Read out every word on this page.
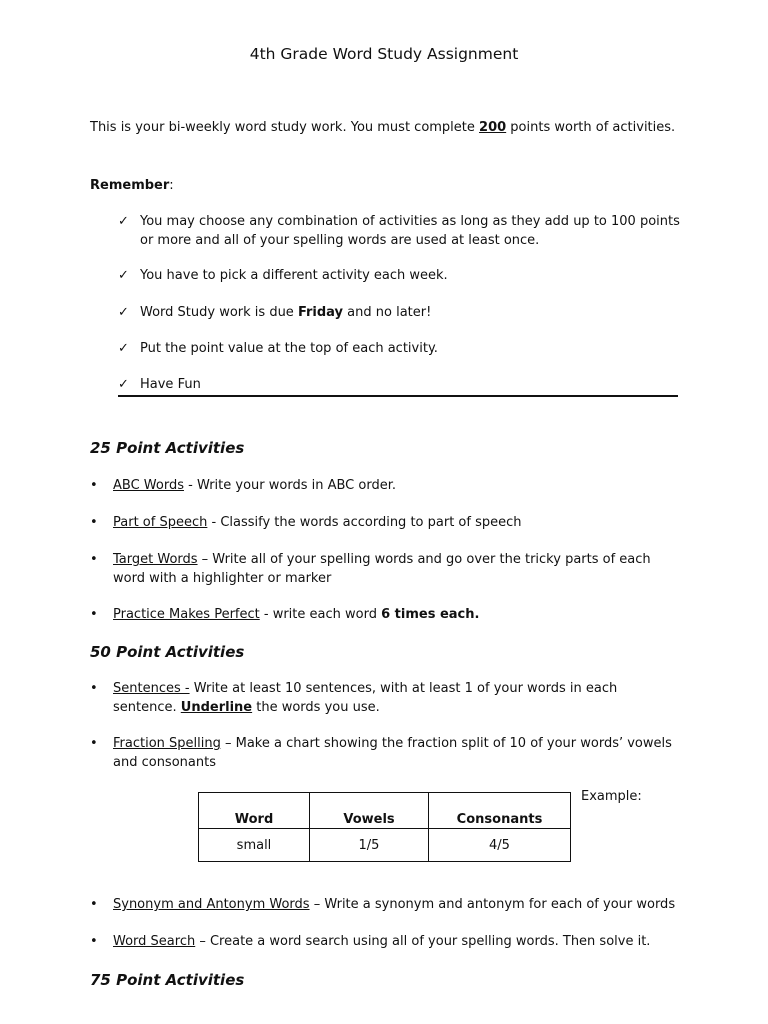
4th Grade Word Study Assignment
This is your bi-weekly word study work. You must complete 200 points worth of activities.
Remember:
✓ You may choose any combination of activities as long as they add up to 100 points or more and all of your spelling words are used at least once.
✓ You have to pick a different activity each week.
✓ Word Study work is due Friday and no later!
✓ Put the point value at the top of each activity.
✓ Have Fun
25 Point Activities
• ABC Words - Write your words in ABC order.
• Part of Speech - Classify the words according to part of speech
• Target Words – Write all of your spelling words and go over the tricky parts of each word with a highlighter or marker
• Practice Makes Perfect - write each word 6 times each.
50 Point Activities
• Sentences - Write at least 10 sentences, with at least 1 of your words in each sentence. Underline the words you use.
• Fraction Spelling – Make a chart showing the fraction split of 10 of your words’ vowels and consonants
Example:
Word	Vowels	Consonants
small	1/5	4/5
• Synonym and Antonym Words – Write a synonym and antonym for each of your words
• Word Search – Create a word search using all of your spelling words. Then solve it.
75 Point Activities
